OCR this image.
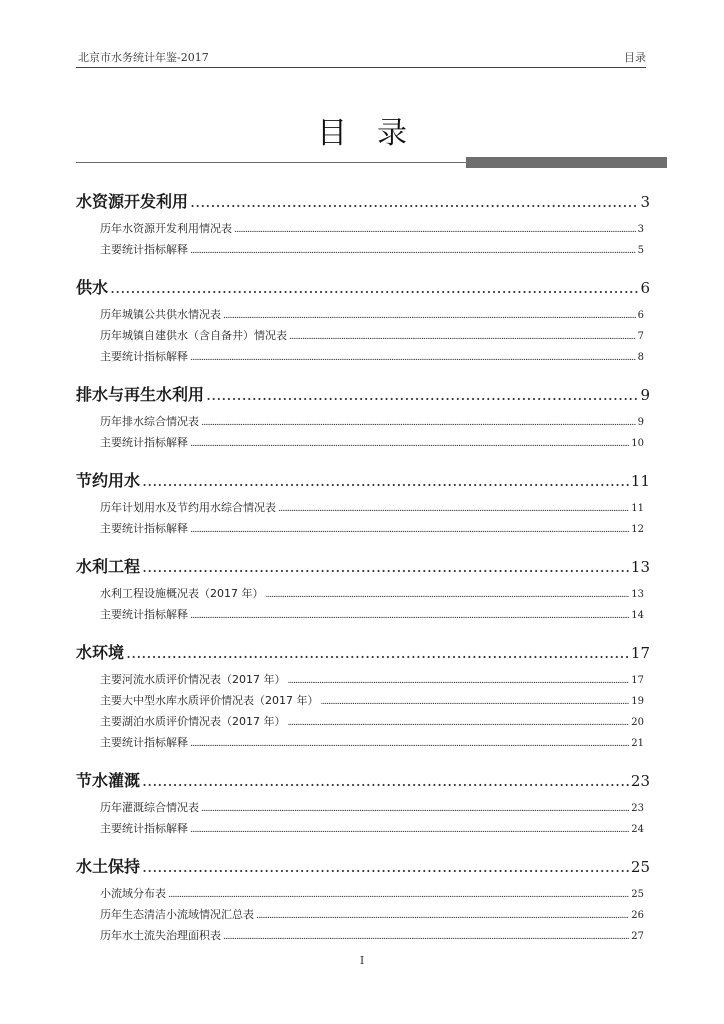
北京市水务统计年鉴-2017	目录
目录
水资源开发利用 .....	3
历年水资源开发利用情况表 .....	3
主要统计指标解释 .....	5
供水 .....	6
历年城镇公共供水情况表 .....	6
历年城镇自建供水（含自备井）情况表 .....	7
主要统计指标解释 .....	8
排水与再生水利用 .....	9
历年排水综合情况表 .....	9
主要统计指标解释 .....	10
节约用水 .....	11
历年计划用水及节约用水综合情况表 .....	11
主要统计指标解释 .....	12
水利工程 .....	13
水利工程设施概况表（2017 年） .....	13
主要统计指标解释 .....	14
水环境 .....	17
主要河流水质评价情况表（2017 年） .....	17
主要大中型水库水质评价情况表（2017 年） .....	19
主要湖泊水质评价情况表（2017 年） .....	20
主要统计指标解释 .....	21
节水灌溉 .....	23
历年灌溉综合情况表 .....	23
主要统计指标解释 .....	24
水土保持 .....	25
小流域分布表 .....	25
历年生态清洁小流域情况汇总表 .....	26
历年水土流失治理面积表 .....	27
I
